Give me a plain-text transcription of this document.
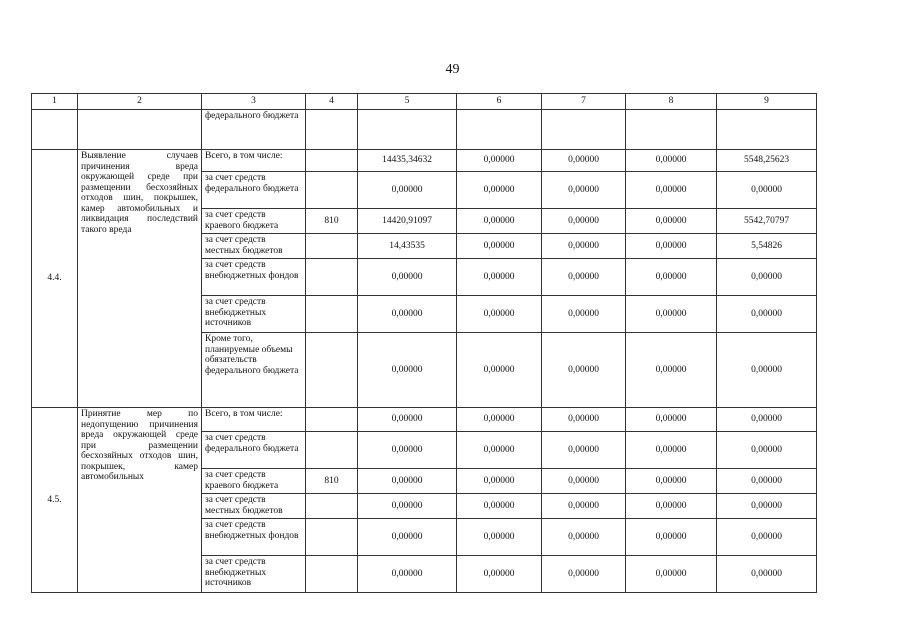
49
1	2	3	4	5	6	7	8	9
		федерального бюджета						
4.4.	Выявление случаев причинения вреда окружающей среде при размещении бесхозяйных отходов шин, покрышек, камер автомобильных и ликвидация последствий такого вреда	Всего, в том числе:		14435,34632	0,00000	0,00000	0,00000	5548,25623
		за счет средств федерального бюджета		0,00000	0,00000	0,00000	0,00000	0,00000
		за счет средств краевого бюджета	810	14420,91097	0,00000	0,00000	0,00000	5542,70797
		за счет средств местных бюджетов		14,43535	0,00000	0,00000	0,00000	5,54826
		за счет средств внебюджетных фондов		0,00000	0,00000	0,00000	0,00000	0,00000
		за счет средств внебюджетных источников		0,00000	0,00000	0,00000	0,00000	0,00000
		Кроме того, планируемые объемы обязательств федерального бюджета		0,00000	0,00000	0,00000	0,00000	0,00000
4.5.	Принятие мер по недопущению причинения вреда окружающей среде при размещении бесхозяйных отходов шин, покрышек, камер автомобильных	Всего, в том числе:		0,00000	0,00000	0,00000	0,00000	0,00000
		за счет средств федерального бюджета		0,00000	0,00000	0,00000	0,00000	0,00000
		за счет средств краевого бюджета	810	0,00000	0,00000	0,00000	0,00000	0,00000
		за счет средств местных бюджетов		0,00000	0,00000	0,00000	0,00000	0,00000
		за счет средств внебюджетных фондов		0,00000	0,00000	0,00000	0,00000	0,00000
		за счет средств внебюджетных источников		0,00000	0,00000	0,00000	0,00000	0,00000
